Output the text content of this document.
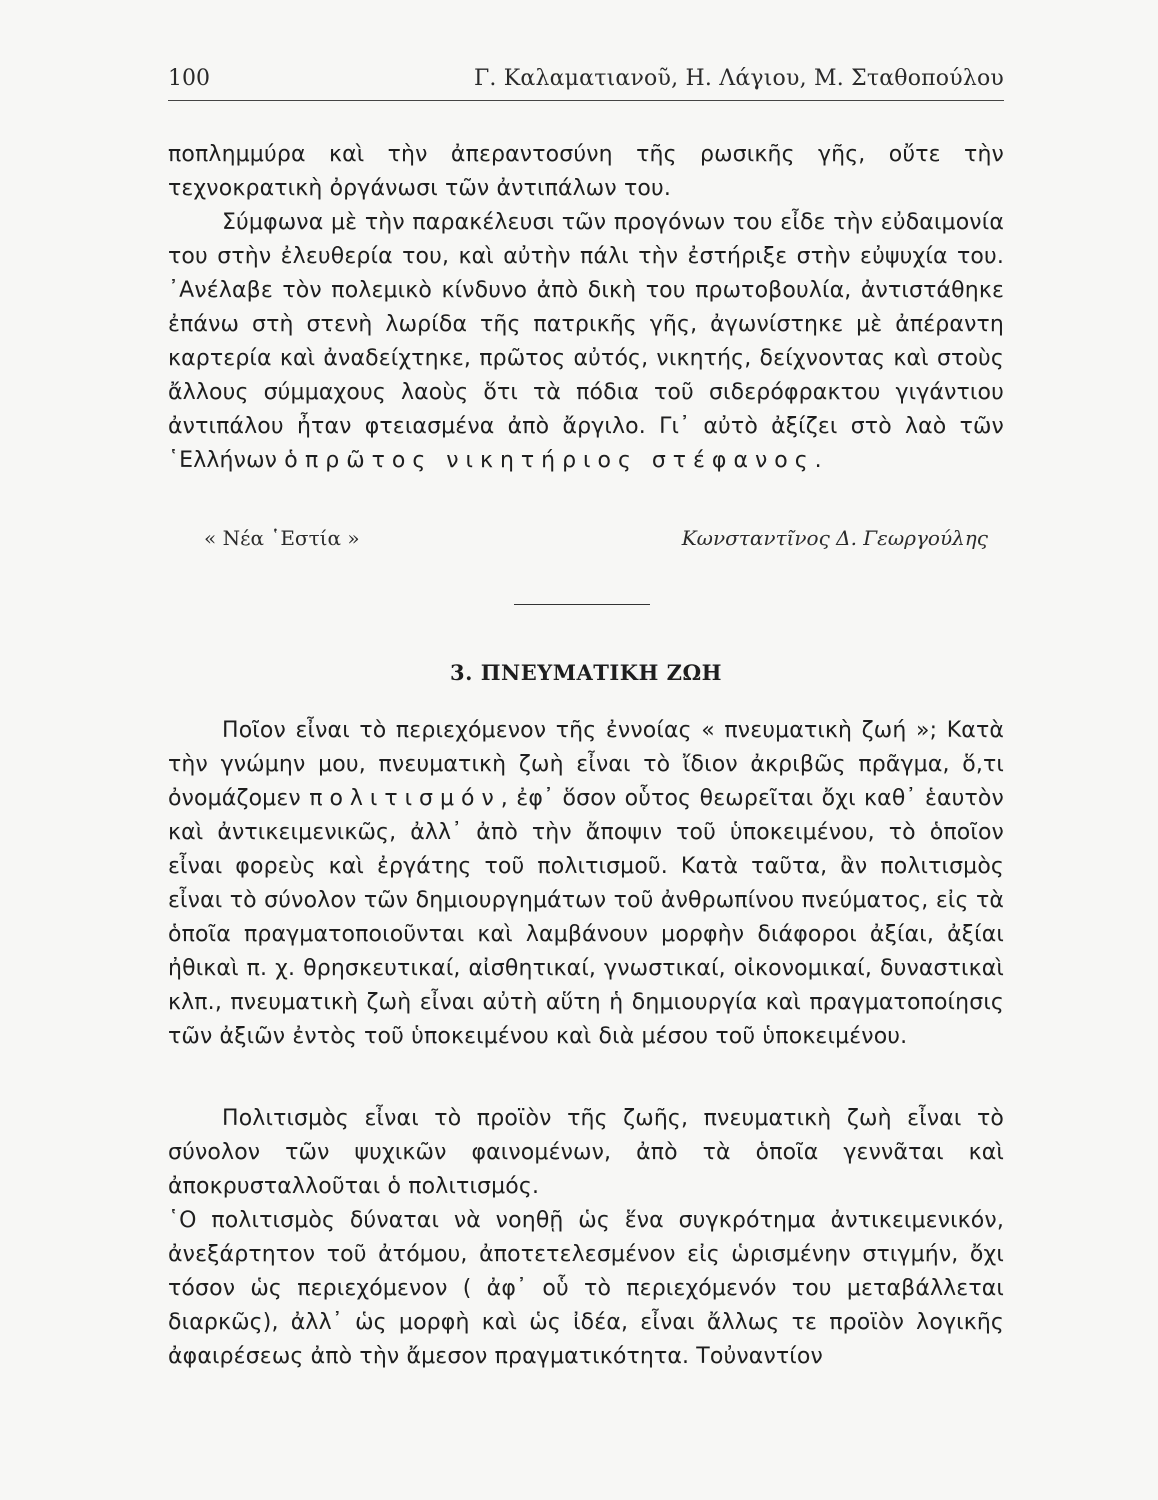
100	Γ. Καλαματιανοῦ, Η. Λάγιου, Μ. Σταθοπούλου

ποπλημμύρα καὶ τὴν ἀπεραντοσύνη τῆς ρωσικῆς γῆς, οὔτε τὴν τεχνοκρατικὴ ὀργάνωσι τῶν ἀντιπάλων του.

Σύμφωνα μὲ τὴν παρακέλευσι τῶν προγόνων του εἶδε τὴν εὐδαιμονία του στὴν ἐλευθερία του, καὶ αὐτὴν πάλι τὴν ἐστήριξε στὴν εὐψυχία του. ᾿Ανέλαβε τὸν πολεμικὸ κίνδυνο ἀπὸ δικὴ του πρωτοβουλία, ἀντιστάθηκε ἐπάνω στὴ στενὴ λωρίδα τῆς πατρικῆς γῆς, ἀγωνίστηκε μὲ ἀπέραντη καρτερία καὶ ἀναδείχτηκε, πρῶτος αὐτός, νικητής, δείχνοντας καὶ στοὺς ἄλλους σύμμαχους λαοὺς ὅτι τὰ πόδια τοῦ σιδερόφρακτου γιγάντιου ἀντιπάλου ἦταν φτειασμένα ἀπὸ ἄργιλο. Γι᾿ αὐτὸ ἀξίζει στὸ λαὸ τῶν ῾Ελλήνων ὁ πρῶτος νικητήριος στέφανος.

« Νέα ῾Εστία »	Κωνσταντῖνος Δ. Γεωργούλης
3. ΠΝΕΥΜΑΤΙΚΗ ΖΩΗ

Ποῖον εἶναι τὸ περιεχόμενον τῆς ἐννοίας « πνευματικὴ ζωή »; Κατὰ τὴν γνώμην μου, πνευματικὴ ζωὴ εἶναι τὸ ἴδιον ἀκριβῶς πρᾶγμα, ὅ,τι ὀνομάζομεν πολιτισμόν, ἐφ᾿ ὅσον οὗτος θεωρεῖται ὄχι καθ᾿ ἑαυτὸν καὶ ἀντικειμενικῶς, ἀλλ᾿ ἀπὸ τὴν ἄποψιν τοῦ ὑποκειμένου, τὸ ὁποῖον εἶναι φορεὺς καὶ ἐργάτης τοῦ πολιτισμοῦ. Κατὰ ταῦτα, ἂν πολιτισμὸς εἶναι τὸ σύνολον τῶν δημιουργημάτων τοῦ ἀνθρωπίνου πνεύματος, εἰς τὰ ὁποῖα πραγματοποιοῦνται καὶ λαμβάνουν μορφὴν διάφοροι ἀξίαι, ἀξίαι ἠθικαὶ π. χ. θρησκευτικαί, αἰσθητικαί, γνωστικαί, οἰκονομικαί, δυναστικαὶ κλπ., πνευματικὴ ζωὴ εἶναι αὐτὴ αὕτη ἡ δημιουργία καὶ πραγματοποίησις τῶν ἀξιῶν ἐντὸς τοῦ ὑποκειμένου καὶ διὰ μέσου τοῦ ὑποκειμένου.

Πολιτισμὸς εἶναι τὸ προϊὸν τῆς ζωῆς, πνευματικὴ ζωὴ εἶναι τὸ σύνολον τῶν ψυχικῶν φαινομένων, ἀπὸ τὰ ὁποῖα γεννᾶται καὶ ἀποκρυσταλλοῦται ὁ πολιτισμός.

῾Ο πολιτισμὸς δύναται νὰ νοηθῇ ὡς ἕνα συγκρότημα ἀντικειμενικόν, ἀνεξάρτητον τοῦ ἀτόμου, ἀποτετελεσμένον εἰς ὡρισμένην στιγμήν, ὄχι τόσον ὡς περιεχόμενον ( ἀφ᾿ οὗ τὸ περιεχόμενόν του μεταβάλλεται διαρκῶς), ἀλλ᾿ ὡς μορφὴ καὶ ὡς ἰδέα, εἶναι ἄλλως τε προϊὸν λογικῆς ἀφαιρέσεως ἀπὸ τὴν ἄμεσον πραγματικότητα. Τοὐναντίον
